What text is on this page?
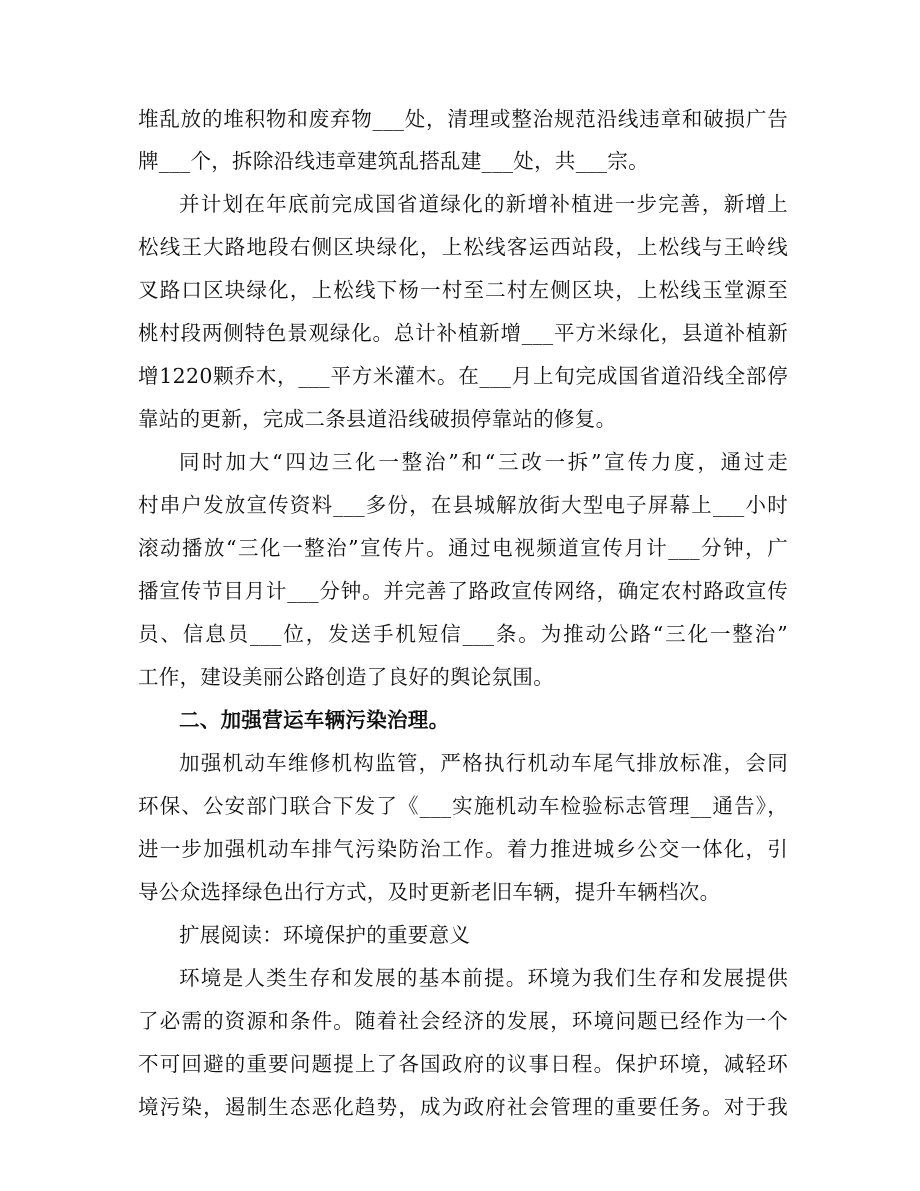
堆乱放的堆积物和废弃物___处，清理或整治规范沿线违章和破损广告
牌___个，拆除沿线违章建筑乱搭乱建___处，共___宗。
并计划在年底前完成国省道绿化的新增补植进一步完善，新增上
松线王大路地段右侧区块绿化，上松线客运西站段，上松线与王岭线
叉路口区块绿化，上松线下杨一村至二村左侧区块，上松线玉堂源至
桃村段两侧特色景观绿化。总计补植新增___平方米绿化，县道补植新
增1220颗乔木，___平方米灌木。在___月上旬完成国省道沿线全部停
靠站的更新，完成二条县道沿线破损停靠站的修复。
同时加大“四边三化一整治”和“三改一拆”宣传力度，通过走
村串户发放宣传资料___多份，在县城解放街大型电子屏幕上___小时
滚动播放“三化一整治”宣传片。通过电视频道宣传月计___分钟，广
播宣传节目月计___分钟。并完善了路政宣传网络，确定农村路政宣传
员、信息员___位，发送手机短信___条。为推动公路“三化一整治”
工作，建设美丽公路创造了良好的舆论氛围。
二、加强营运车辆污染治理。
加强机动车维修机构监管，严格执行机动车尾气排放标准，会同
环保、公安部门联合下发了《___实施机动车检验标志管理__通告》，
进一步加强机动车排气污染防治工作。着力推进城乡公交一体化，引
导公众选择绿色出行方式，及时更新老旧车辆，提升车辆档次。
扩展阅读：环境保护的重要意义
环境是人类生存和发展的基本前提。环境为我们生存和发展提供
了必需的资源和条件。随着社会经济的发展，环境问题已经作为一个
不可回避的重要问题提上了各国政府的议事日程。保护环境，减轻环
境污染，遏制生态恶化趋势，成为政府社会管理的重要任务。对于我
